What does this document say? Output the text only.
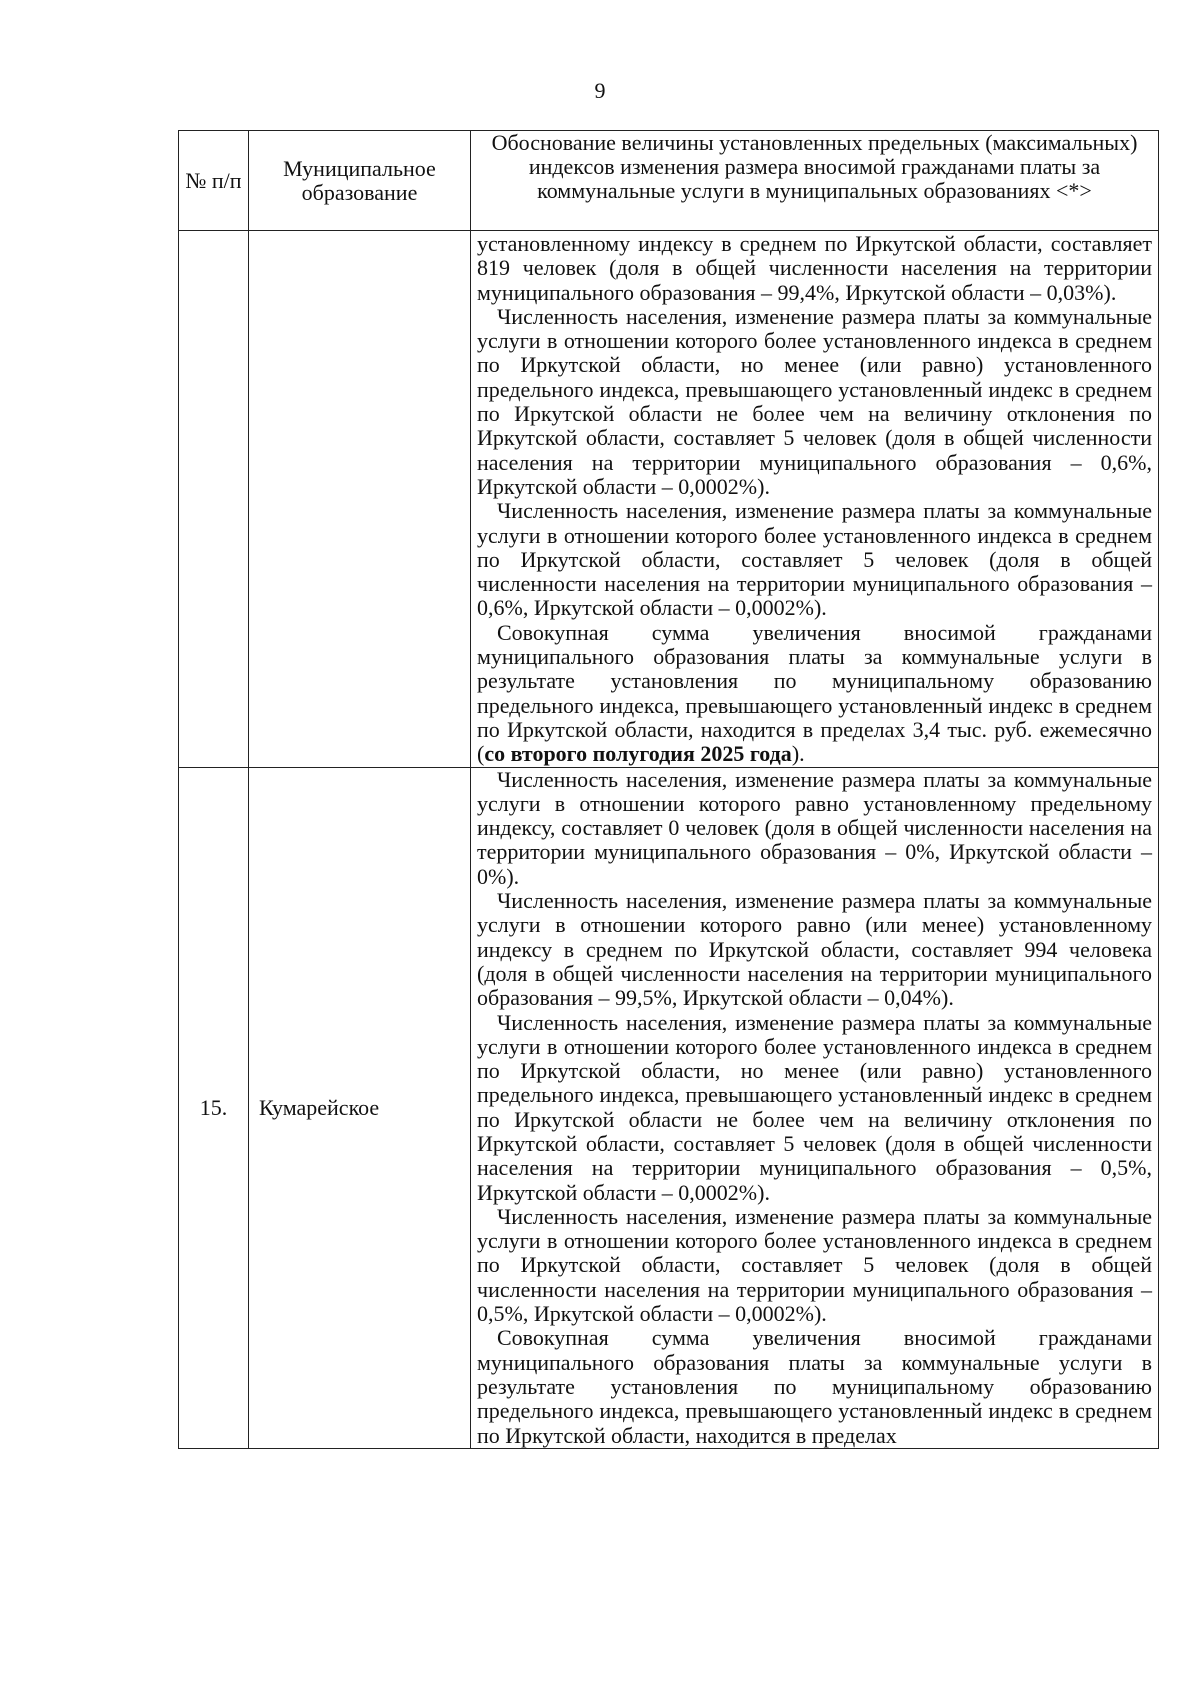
9
№ п/п	Муниципальное образование	Обоснование величины установленных предельных (максимальных) индексов изменения размера вносимой гражданами платы за коммунальные услуги в муниципальных образованиях <*>

		установленному индексу в среднем по Иркутской области, составляет 819 человек (доля в общей численности населения на территории муниципального образования – 99,4%, Иркутской области – 0,03%).

Численность населения, изменение размера платы за коммунальные услуги в отношении которого более установленного индекса в среднем по Иркутской области, но менее (или равно) установленного предельного индекса, превышающего установленный индекс в среднем по Иркутской области не более чем на величину отклонения по Иркутской области, составляет 5 человек (доля в общей численности населения на территории муниципального образования – 0,6%, Иркутской области – 0,0002%).

Численность населения, изменение размера платы за коммунальные услуги в отношении которого более установленного индекса в среднем по Иркутской области, составляет 5 человек (доля в общей численности населения на территории муниципального образования – 0,6%, Иркутской области – 0,0002%).

Совокупная сумма увеличения вносимой гражданами муниципального образования платы за коммунальные услуги в результате установления по муниципальному образованию предельного индекса, превышающего установленный индекс в среднем по Иркутской области, находится в пределах 3,4 тыс. руб. ежемесячно (со второго полугодия 2025 года).

15.	Кумарейское	Численность населения, изменение размера платы за коммунальные услуги в отношении которого равно установленному предельному индексу, составляет 0 человек (доля в общей численности населения на территории муниципального образования – 0%, Иркутской области – 0%).

Численность населения, изменение размера платы за коммунальные услуги в отношении которого равно (или менее) установленному индексу в среднем по Иркутской области, составляет 994 человека (доля в общей численности населения на территории муниципального образования – 99,5%, Иркутской области – 0,04%).

Численность населения, изменение размера платы за коммунальные услуги в отношении которого более установленного индекса в среднем по Иркутской области, но менее (или равно) установленного предельного индекса, превышающего установленный индекс в среднем по Иркутской области не более чем на величину отклонения по Иркутской области, составляет 5 человек (доля в общей численности населения на территории муниципального образования – 0,5%, Иркутской области – 0,0002%).

Численность населения, изменение размера платы за коммунальные услуги в отношении которого более установленного индекса в среднем по Иркутской области, составляет 5 человек (доля в общей численности населения на территории муниципального образования – 0,5%, Иркутской области – 0,0002%).

Совокупная сумма увеличения вносимой гражданами муниципального образования платы за коммунальные услуги в результате установления по муниципальному образованию предельного индекса, превышающего установленный индекс в среднем по Иркутской области, находится в пределах
